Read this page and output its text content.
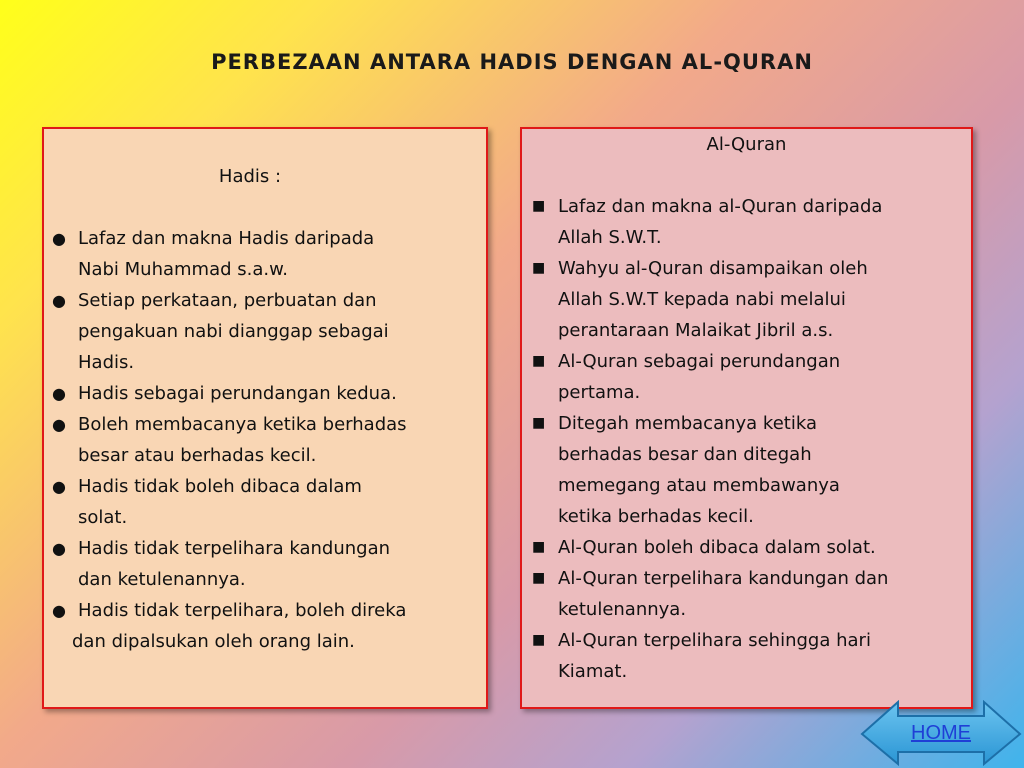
PERBEZAAN ANTARA HADIS DENGAN AL-QURAN
Hadis :
● Lafaz dan makna Hadis daripada
Nabi Muhammad s.a.w.
● Setiap perkataan, perbuatan dan
pengakuan nabi dianggap sebagai
Hadis.
● Hadis sebagai perundangan kedua.
● Boleh membacanya ketika berhadas
besar atau berhadas kecil.
● Hadis tidak boleh dibaca dalam
solat.
● Hadis tidak terpelihara kandungan
dan ketulenannya.
● Hadis tidak terpelihara, boleh direka
dan dipalsukan oleh orang lain.
Al-Quran
■ Lafaz dan makna al-Quran daripada
Allah S.W.T.
■ Wahyu al-Quran disampaikan oleh
Allah S.W.T kepada nabi melalui
perantaraan Malaikat Jibril a.s.
■ Al-Quran sebagai perundangan
pertama.
■ Ditegah membacanya ketika
berhadas besar dan ditegah
memegang atau membawanya
ketika berhadas kecil.
■ Al-Quran boleh dibaca dalam solat.
■ Al-Quran terpelihara kandungan dan
ketulenannya.
■ Al-Quran terpelihara sehingga hari
Kiamat.
HOME
